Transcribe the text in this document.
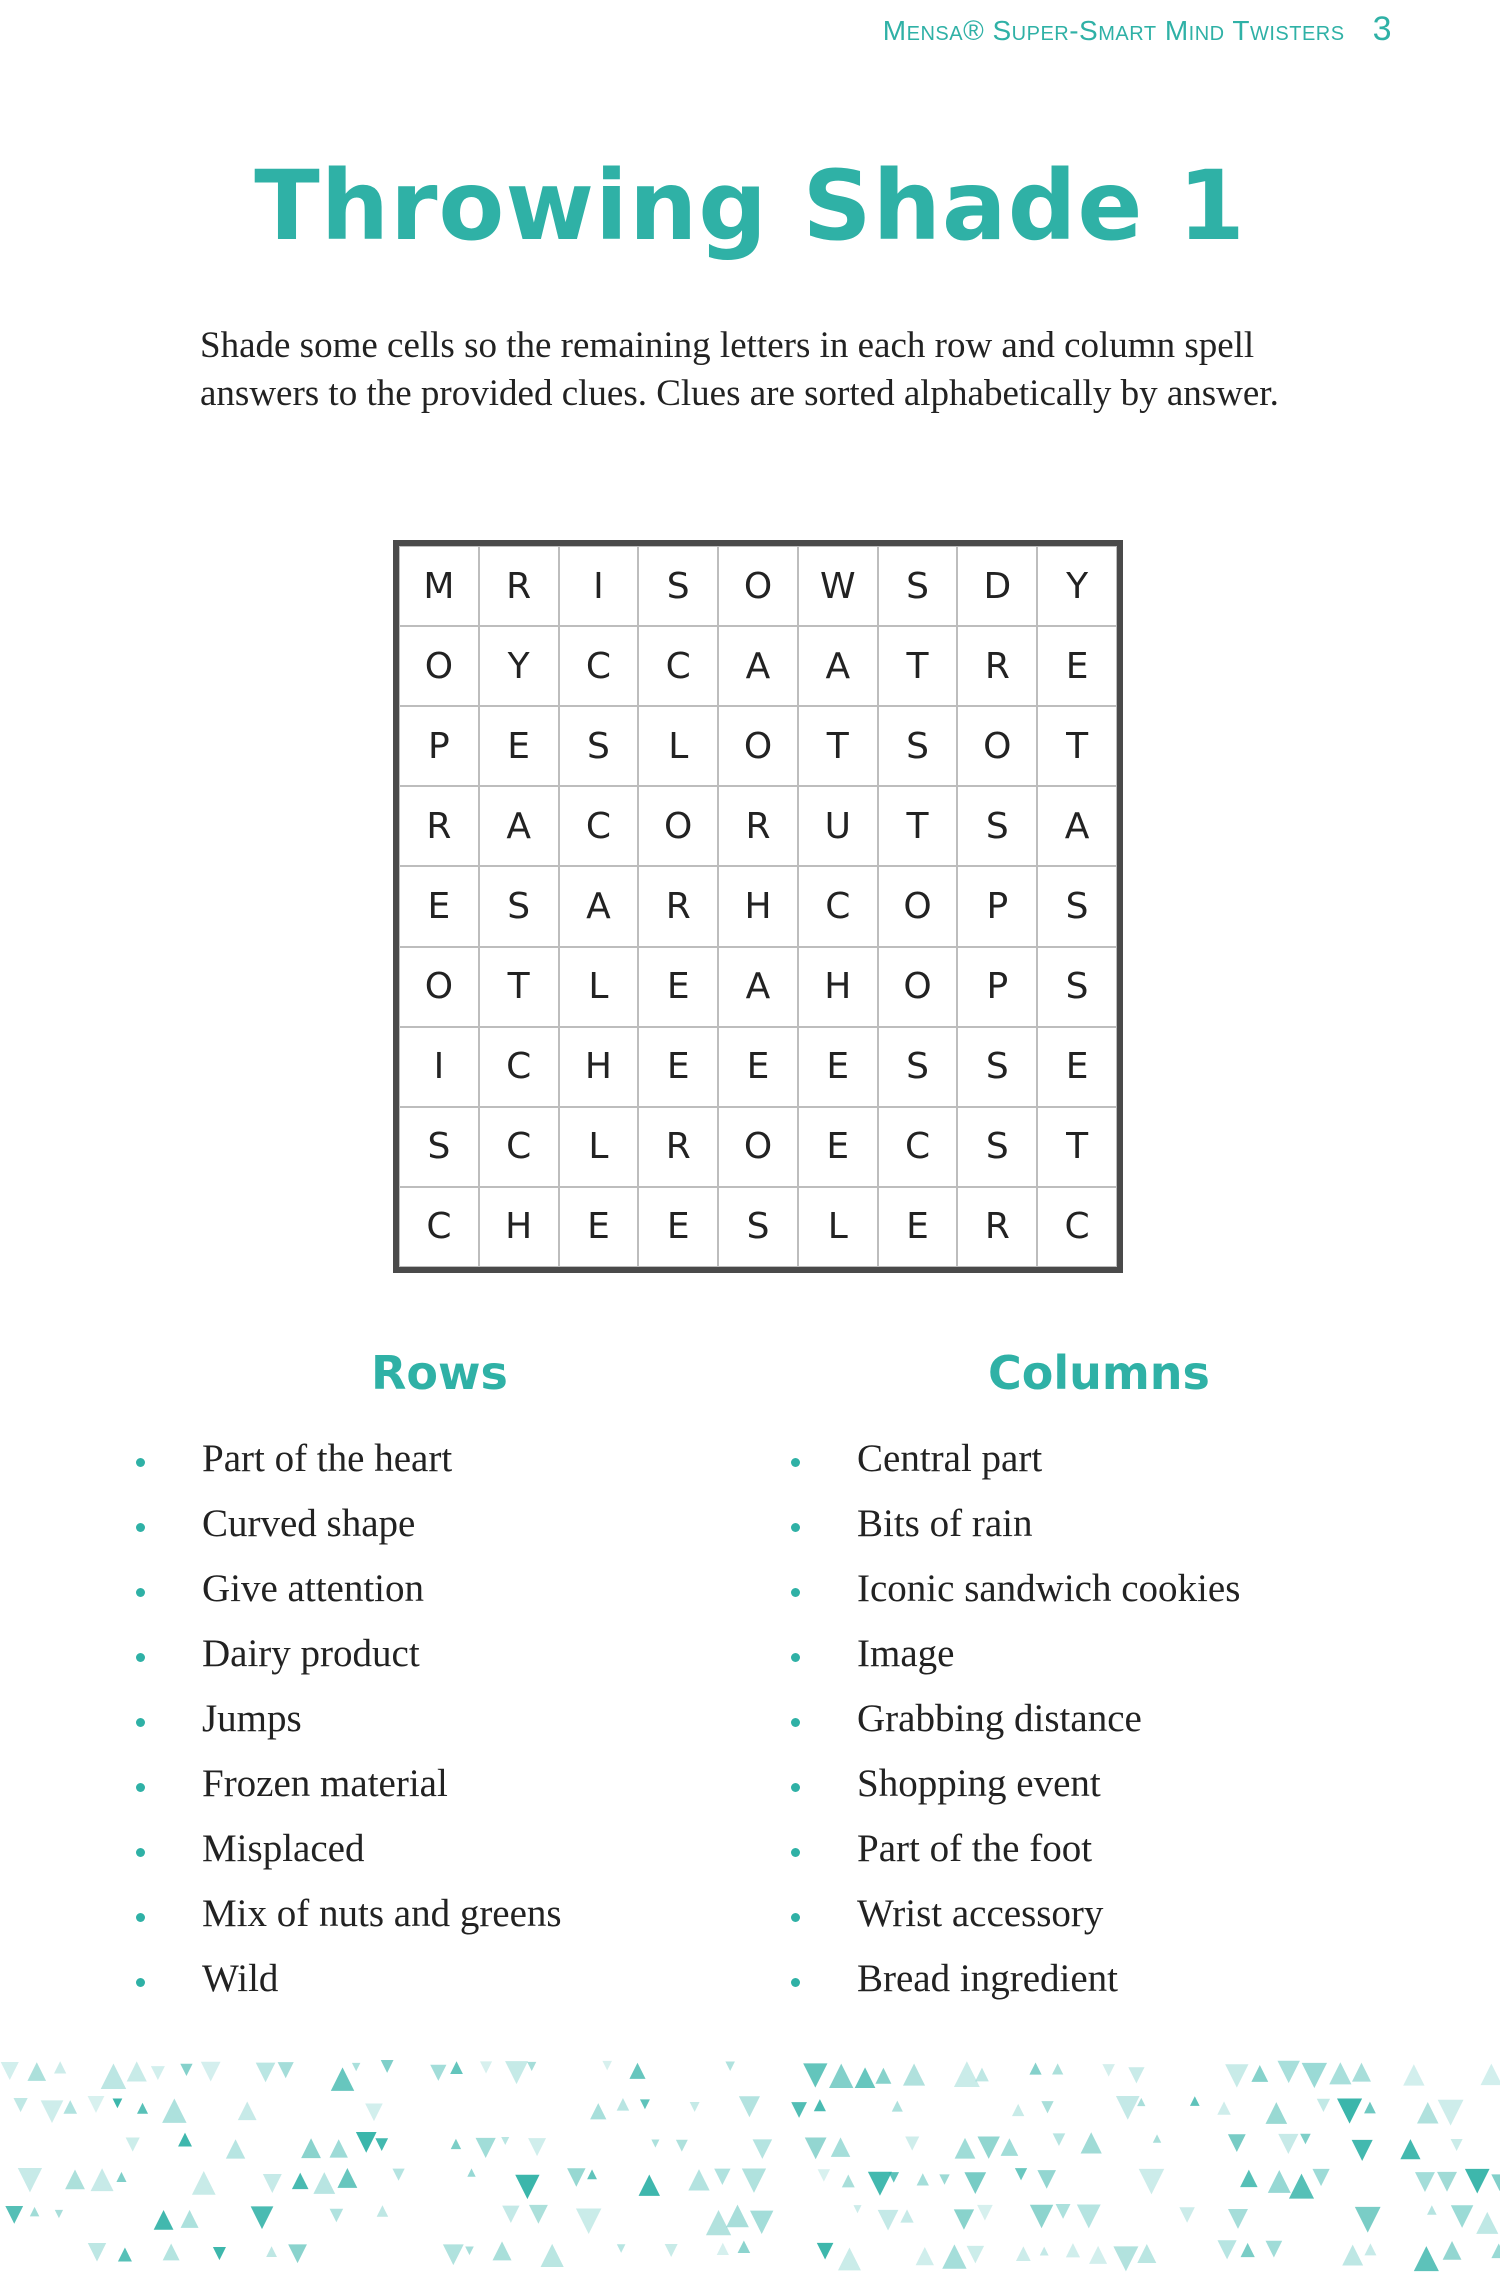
Mensa® Super-Smart Mind Twisters 3
Throwing Shade 1
Shade some cells so the remaining letters in each row and column spell answers to the provided clues. Clues are sorted alphabetically by answer.
M	R	I	S	O	W	S	D	Y
O	Y	C	C	A	A	T	R	E
P	E	S	L	O	T	S	O	T
R	A	C	O	R	U	T	S	A
E	S	A	R	H	C	O	P	S
O	T	L	E	A	H	O	P	S
I	C	H	E	E	E	S	S	E
S	C	L	R	O	E	C	S	T
C	H	E	E	S	L	E	R	C
Rows	Columns
Part of the heart
Curved shape
Give attention
Dairy product
Jumps
Frozen material
Misplaced
Mix of nuts and greens
Wild
Central part
Bits of rain
Iconic sandwich cookies
Image
Grabbing distance
Shopping event
Part of the foot
Wrist accessory
Bread ingredient
